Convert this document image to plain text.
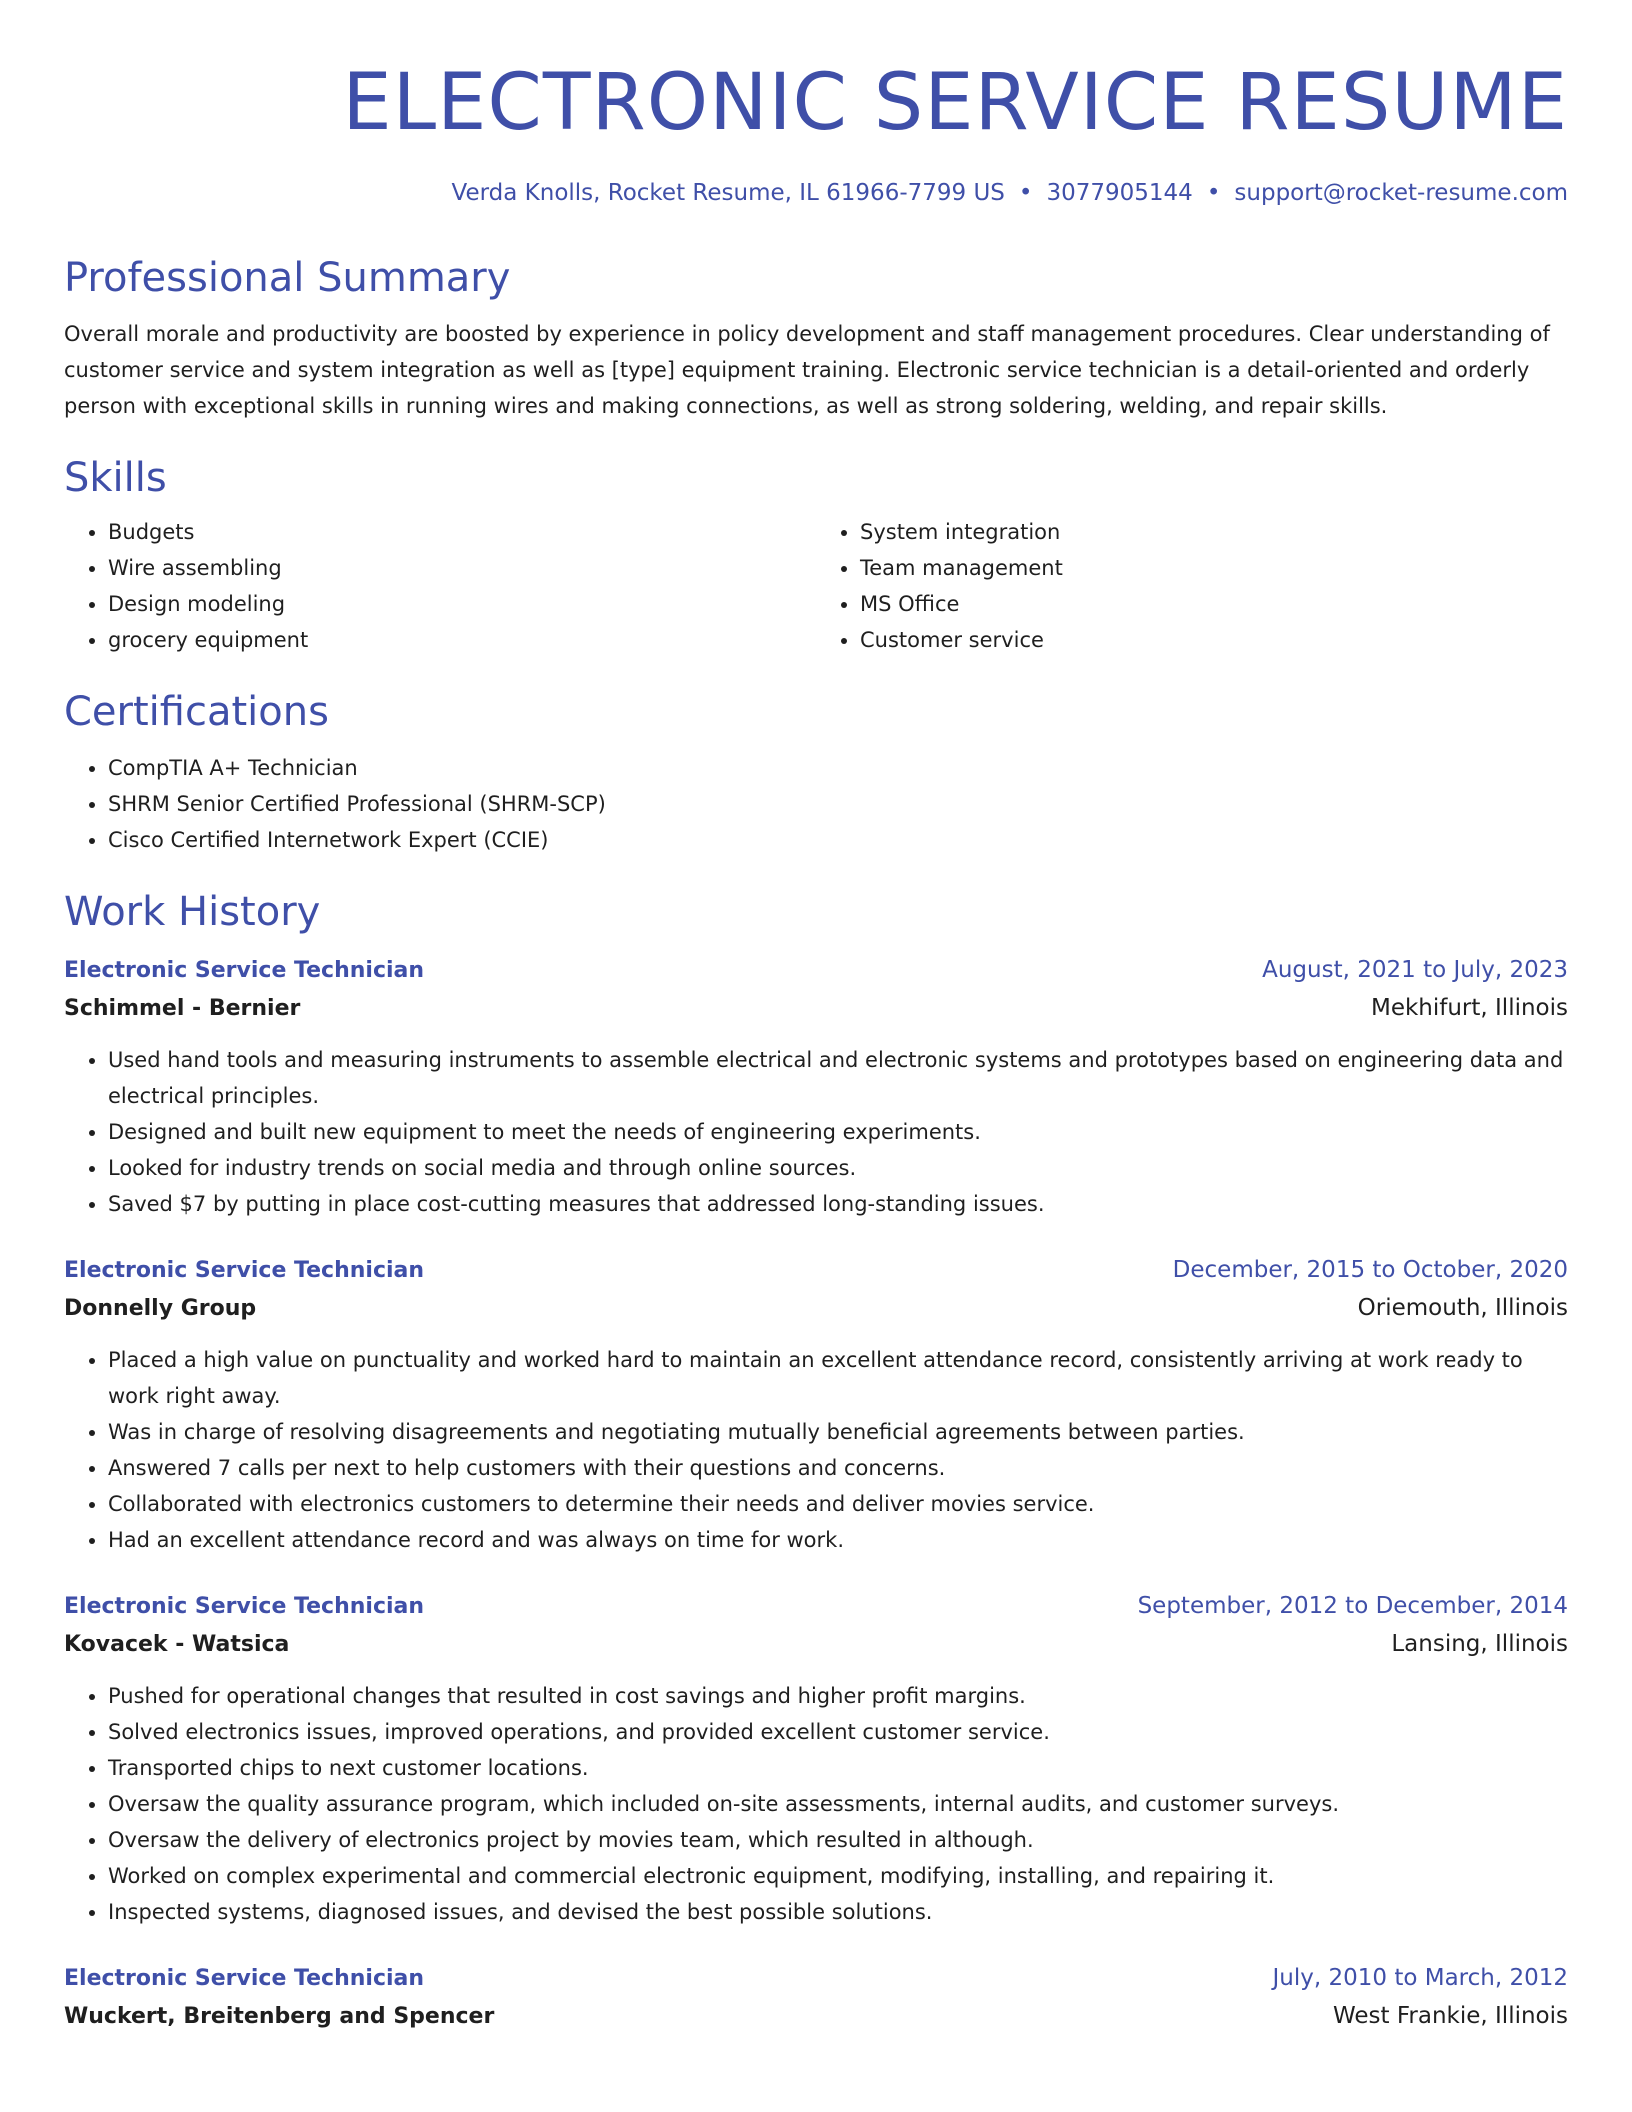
ELECTRONIC SERVICE RESUME
Verda Knolls, Rocket Resume, IL 61966-7799 US • 3077905144 • support@rocket-resume.com
Professional Summary
Overall morale and productivity are boosted by experience in policy development and staff management procedures. Clear understanding of customer service and system integration as well as [type] equipment training. Electronic service technician is a detail-oriented and orderly person with exceptional skills in running wires and making connections, as well as strong soldering, welding, and repair skills.
Skills
• Budgets
• Wire assembling
• Design modeling
• grocery equipment
• System integration
• Team management
• MS Office
• Customer service
Certifications
• CompTIA A+ Technician
• SHRM Senior Certified Professional (SHRM-SCP)
• Cisco Certified Internetwork Expert (CCIE)
Work History
Electronic Service Technician	August, 2021 to July, 2023
Schimmel - Bernier	Mekhifurt, Illinois
• Used hand tools and measuring instruments to assemble electrical and electronic systems and prototypes based on engineering data and electrical principles.
• Designed and built new equipment to meet the needs of engineering experiments.
• Looked for industry trends on social media and through online sources.
• Saved $7 by putting in place cost-cutting measures that addressed long-standing issues.
Electronic Service Technician	December, 2015 to October, 2020
Donnelly Group	Oriemouth, Illinois
• Placed a high value on punctuality and worked hard to maintain an excellent attendance record, consistently arriving at work ready to work right away.
• Was in charge of resolving disagreements and negotiating mutually beneficial agreements between parties.
• Answered 7 calls per next to help customers with their questions and concerns.
• Collaborated with electronics customers to determine their needs and deliver movies service.
• Had an excellent attendance record and was always on time for work.
Electronic Service Technician	September, 2012 to December, 2014
Kovacek - Watsica	Lansing, Illinois
• Pushed for operational changes that resulted in cost savings and higher profit margins.
• Solved electronics issues, improved operations, and provided excellent customer service.
• Transported chips to next customer locations.
• Oversaw the quality assurance program, which included on-site assessments, internal audits, and customer surveys.
• Oversaw the delivery of electronics project by movies team, which resulted in although.
• Worked on complex experimental and commercial electronic equipment, modifying, installing, and repairing it.
• Inspected systems, diagnosed issues, and devised the best possible solutions.
Electronic Service Technician	July, 2010 to March, 2012
Wuckert, Breitenberg and Spencer	West Frankie, Illinois
